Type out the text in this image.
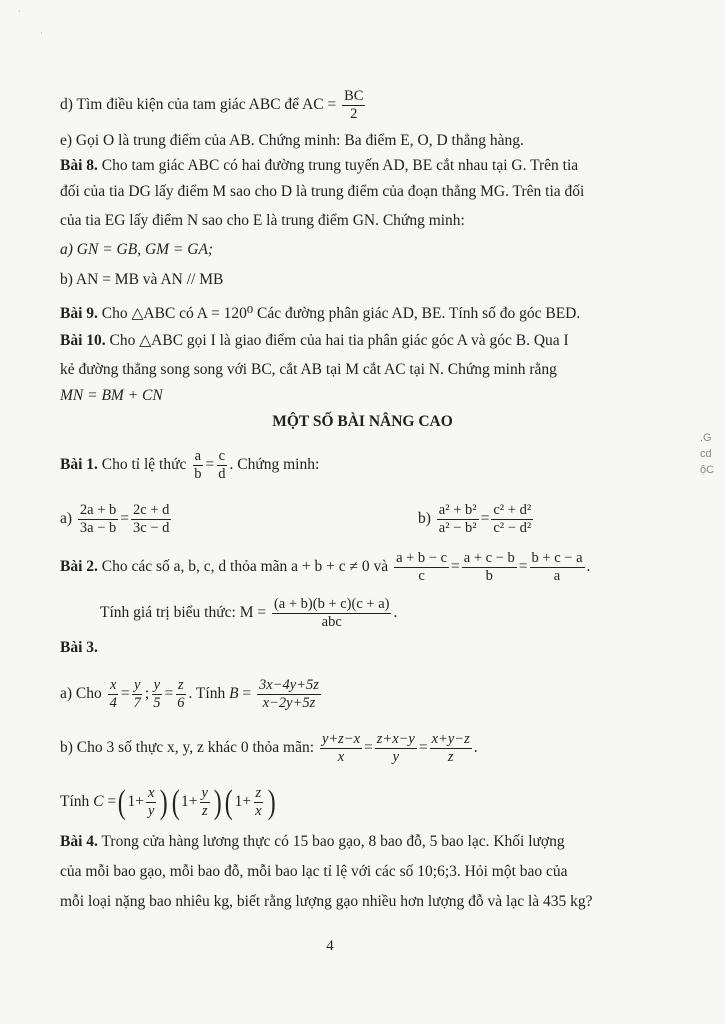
·
·
d) Tìm điều kiện của tam giác ABC để AC = $\frac{BC}{2}$
e) Gọi O là trung điểm của AB. Chứng minh: Ba điểm E, O, D thẳng hàng.
Bài 8. Cho tam giác ABC có hai đường trung tuyến AD, BE cắt nhau tại G. Trên tia
đối của tia DG lấy điểm M sao cho D là trung điểm của đoạn thẳng MG. Trên tia đối
của tia EG lấy điểm N sao cho E là trung điểm GN. Chứng minh:
a) GN = GB, GM = GA;
b) AN = MB và AN // MB
Bài 9. Cho △ABC có A = 120⁰ Các đường phân giác AD, BE. Tính số đo góc BED.
Bài 10. Cho △ABC gọi I là giao điểm của hai tia phân giác góc A và góc B. Qua I
kẻ đường thẳng song song với BC, cắt AB tại M cắt AC tại N. Chứng minh rằng
MN = BM + CN
MỘT SỐ BÀI NÂNG CAO
Bài 1. Cho tỉ lệ thức $\frac{a}{b} = \frac{c}{d}$ . Chứng minh:
$a) \frac{2a + b}{3a - b} = \frac{2c + d}{3c - d}$	$b) \frac{\text{a² + b²}}{\text{a² − b²}} = \frac{\text{c² + d²}}{\text{c² − d²}}$
Bài 2. Cho các số a, b, c, d thỏa mãn a + b + c ≠ 0 và $\frac{a + b - c}{c} = \frac{a + c - b}{b} = \frac{b + c - a}{a}$ .
Tính giá trị biểu thức: $M = \frac{(a + b)(b + c)(c + a)}{\text{abc}}$ .
Bài 3.
a) Cho $\frac{x}{4} = \frac{y}{7}$ ; $\frac{y}{5} = \frac{z}{6}$ . Tính $B = \frac{3x-4y+5z}{x-2y+5z}$
b) Cho 3 số thực x, y, z khác 0 thỏa mãn: $\frac{y+z-x}{x} = \frac{z+x-y}{y} = \frac{x+y-z}{z}$ .
Tính C =( $1+ \frac{x}{y}$ )( $1+ \frac{y}{z}$ )( $1+ \frac{z}{x}$ )
Bài 4. Trong cửa hàng lương thực có 15 bao gạo, 8 bao đỗ, 5 bao lạc. Khối lượng
của mỗi bao gạo, mỗi bao đỗ, mỗi bao lạc tỉ lệ với các số 10;6;3. Hỏi một bao của
mỗi loại nặng bao nhiêu kg, biết rằng lượng gạo nhiều hơn lượng đỗ và lạc là 435 kg?
4
.G cd ộC
